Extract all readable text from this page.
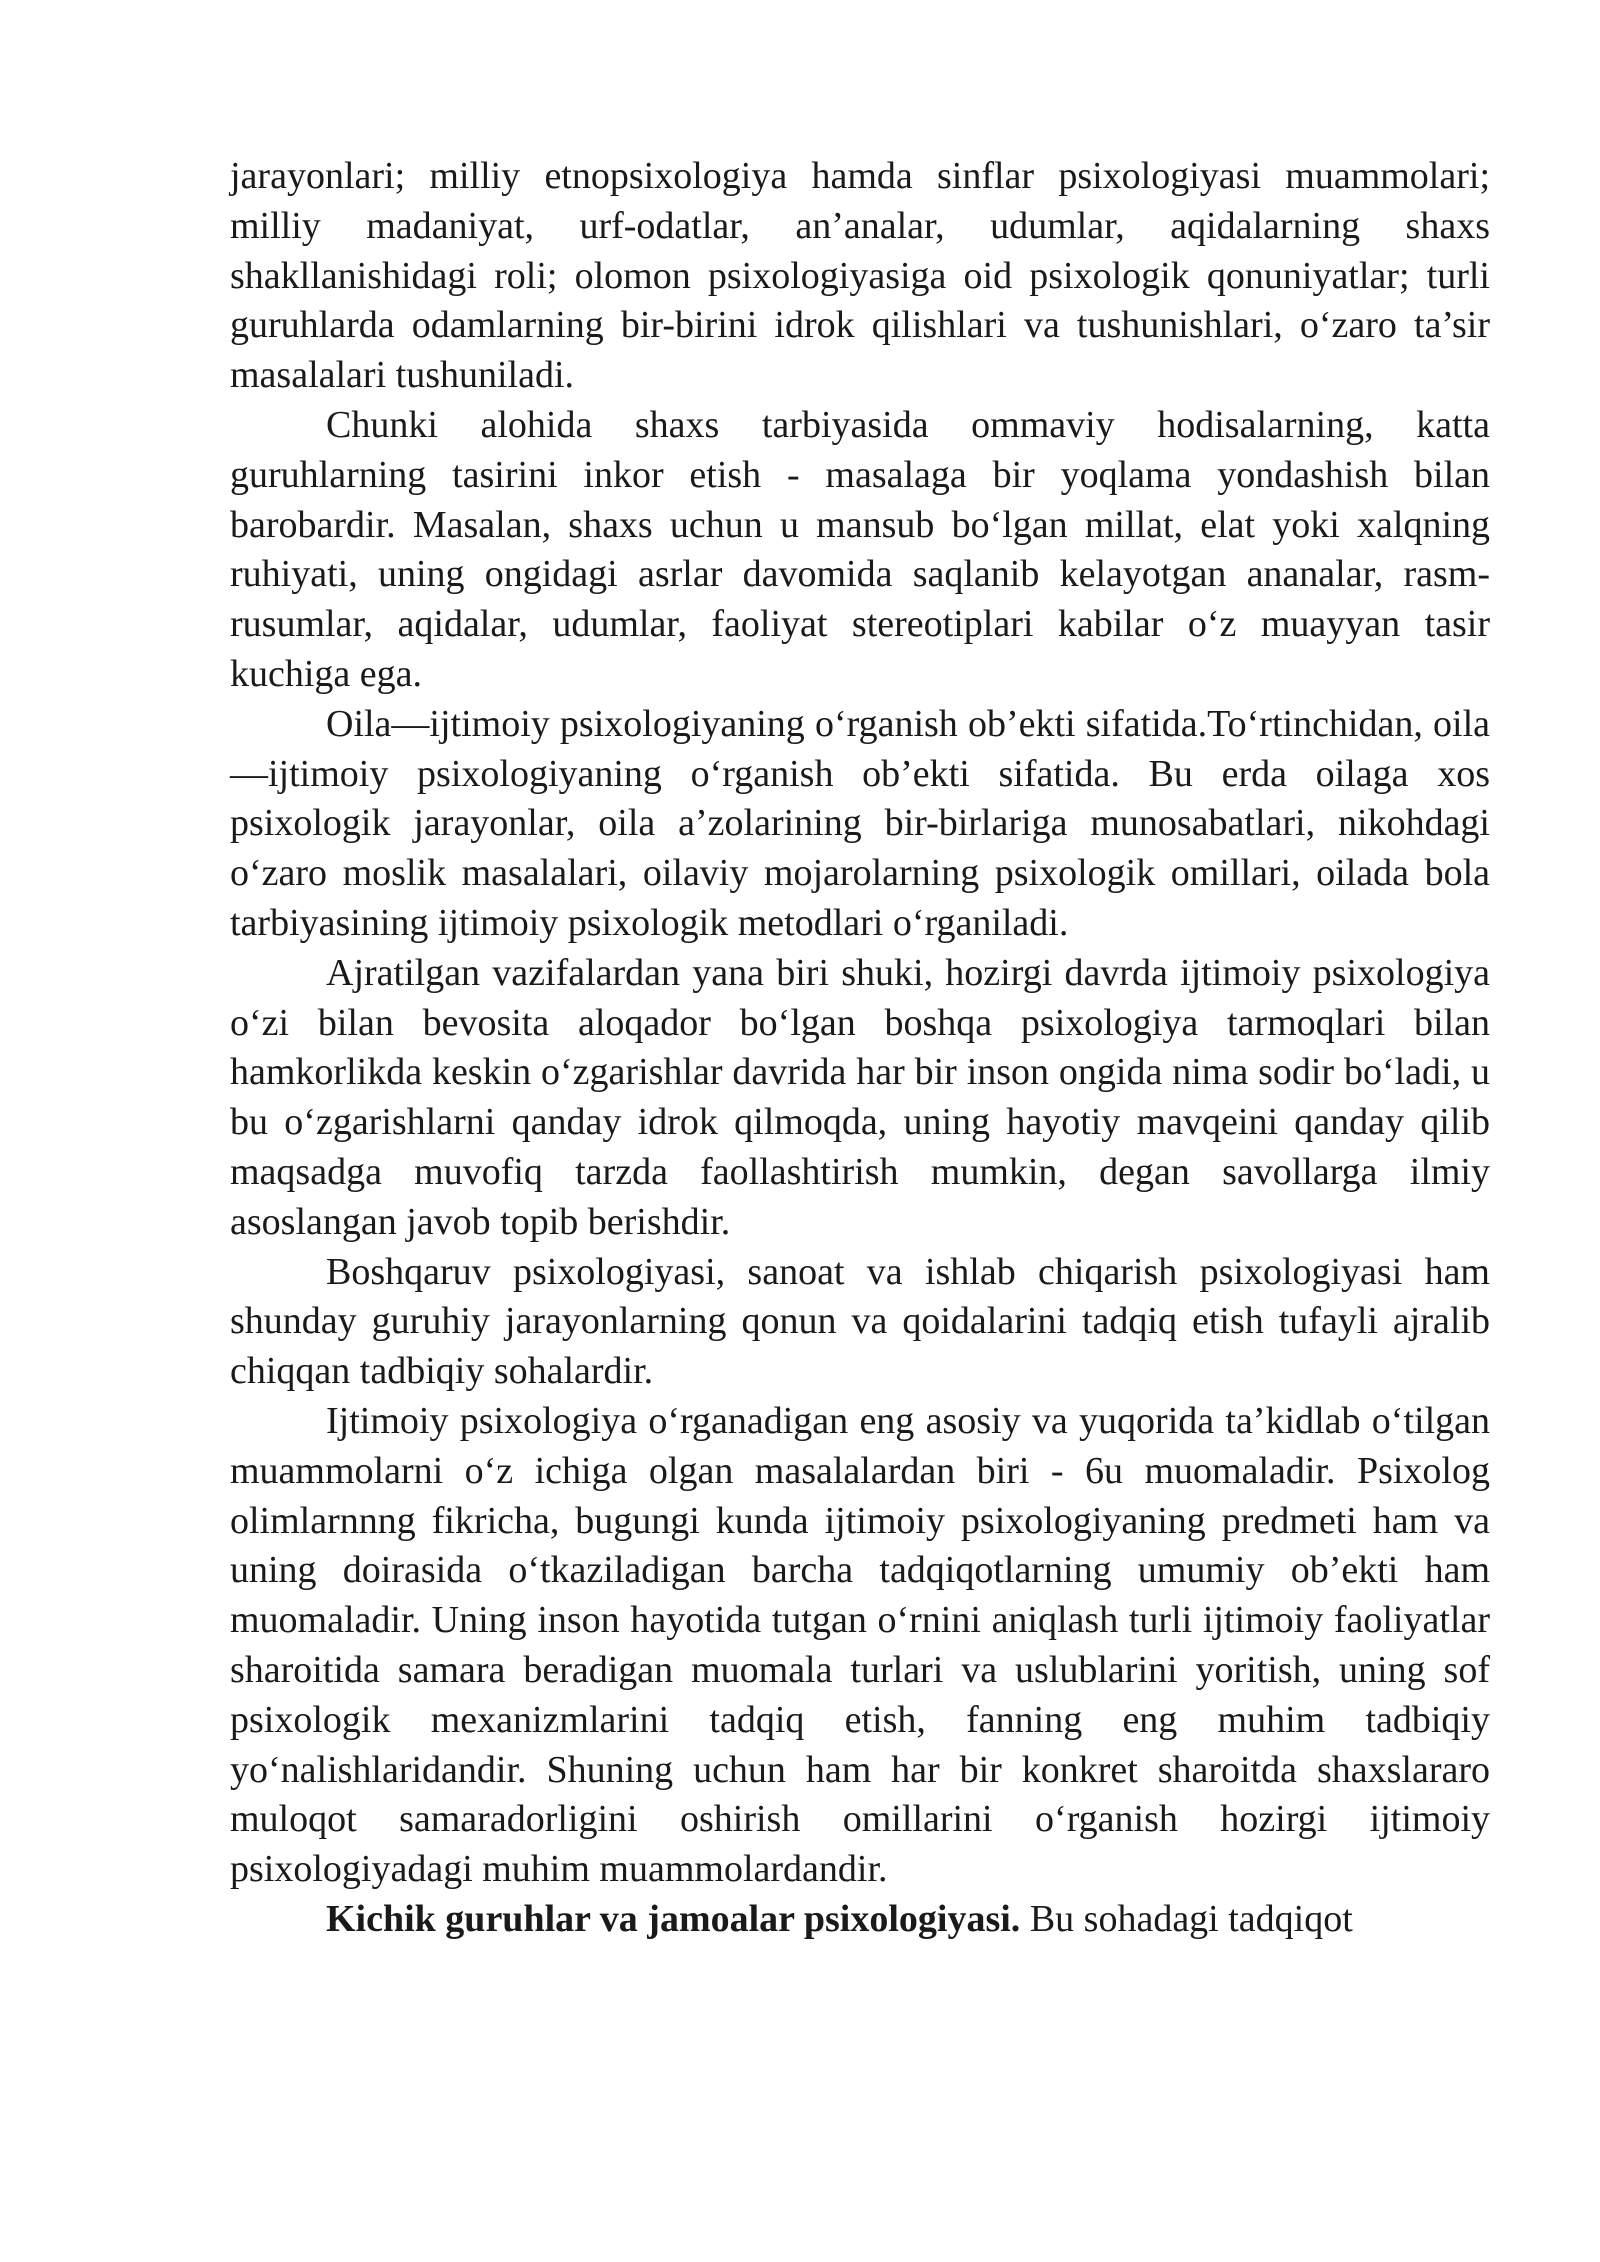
jarayonlari; milliy etnopsixologiya hamda sinflar psixologiyasi muammolari; milliy madaniyat, urf-odatlar, an’analar, udumlar, aqidalarning shaxs shakllanishidagi roli; olomon psixologiyasiga oid psixologik qonuniyatlar; turli guruhlarda odamlarning bir-birini idrok qilishlari va tushunishlari, o‘zaro ta’sir masalalari tushuniladi.

Chunki alohida shaxs tarbiyasida ommaviy hodisalarning, katta guruhlarning tasirini inkor etish - masalaga bir yoqlama yondashish bilan barobardir. Masalan, shaxs uchun u mansub bo‘lgan millat, elat yoki xalqning ruhiyati, uning ongidagi asrlar davomida saqlanib kelayotgan ananalar, rasm-rusumlar, aqidalar, udumlar, faoliyat stereotiplari kabilar o‘z muayyan tasir kuchiga ega.

Oila—ijtimoiy psixologiyaning o‘rganish ob’ekti sifatida.To‘rtinchidan, oila—ijtimoiy psixologiyaning o‘rganish ob’ekti sifatida. Bu erda oilaga xos psixologik jarayonlar, oila a’zolarining bir-birlariga munosabatlari, nikohdagi o‘zaro moslik masalalari, oilaviy mojarolarning psixologik omillari, oilada bola tarbiyasining ijtimoiy psixologik metodlari o‘rganiladi.

Ajratilgan vazifalardan yana biri shuki, hozirgi davrda ijtimoiy psixologiya o‘zi bilan bevosita aloqador bo‘lgan boshqa psixologiya tarmoqlari bilan hamkorlikda keskin o‘zgarishlar davrida har bir inson ongida nima sodir bo‘ladi, u bu o‘zgarishlarni qanday idrok qilmoqda, uning hayotiy mavqeini qanday qilib maqsadga muvofiq tarzda faollashtirish mumkin, degan savollarga ilmiy asoslangan javob topib berishdir.

Boshqaruv psixologiyasi, sanoat va ishlab chiqarish psixologiyasi ham shunday guruhiy jarayonlarning qonun va qoidalarini tadqiq etish tufayli ajralib chiqqan tadbiqiy sohalardir.

Ijtimoiy psixologiya o‘rganadigan eng asosiy va yuqorida ta’kidlab o‘tilgan muammolarni o‘z ichiga olgan masalalardan biri - 6u muomaladir. Psixolog olimlarnnng fikricha, bugungi kunda ijtimoiy psixologiyaning predmeti ham va uning doirasida o‘tkaziladigan barcha tadqiqotlarning umumiy ob’ekti ham muomaladir. Uning inson hayotida tutgan o‘rnini aniqlash turli ijtimoiy faoliyatlar sharoitida samara beradigan muomala turlari va uslublarini yoritish, uning sof psixologik mexanizmlarini tadqiq etish, fanning eng muhim tadbiqiy yo‘nalishlaridandir. Shuning uchun ham har bir konkret sharoitda shaxslararo muloqot samaradorligini oshirish omillarini o‘rganish hozirgi ijtimoiy psixologiyadagi muhim muammolardandir.

Kichik guruhlar va jamoalar psixologiyasi. Bu sohadagi tadqiqot
